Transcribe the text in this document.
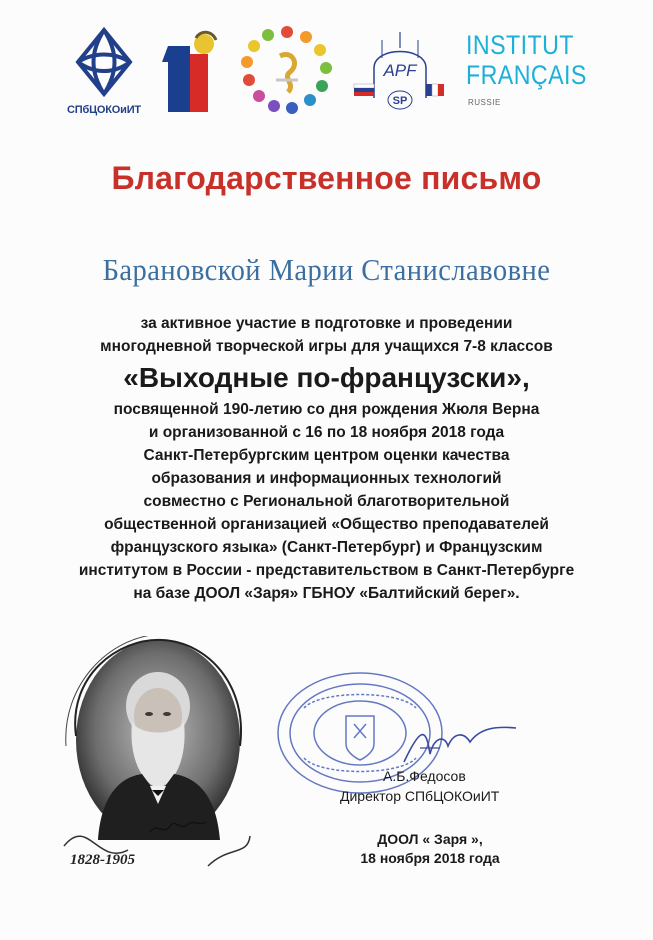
СПбЦОКОиИТ
APF
SP
INSTITUT
FRANÇAIS
RUSSIE
Благодарственное письмо
Барановской Марии Станиславовне
за активное участие в подготовке и проведении
многодневной творческой игры для учащихся 7-8 классов
«Выходные по-французски»,
посвященной 190-летию со дня рождения Жюля Верна
и организованной с 16 по 18 ноября 2018 года
Санкт-Петербургским центром оценки качества
образования и информационных технологий
совместно с Региональной благотворительной
общественной организацией «Общество преподавателей
французского языка» (Санкт-Петербург) и Французским
институтом в России - представительством в Санкт-Петербурге
на базе ДООЛ «Заря» ГБНОУ «Балтийский берег».
1828-1905
А.Б.Федосов
Директор СПбЦОКОиИТ
ДООЛ « Заря »,
18 ноября 2018 года
